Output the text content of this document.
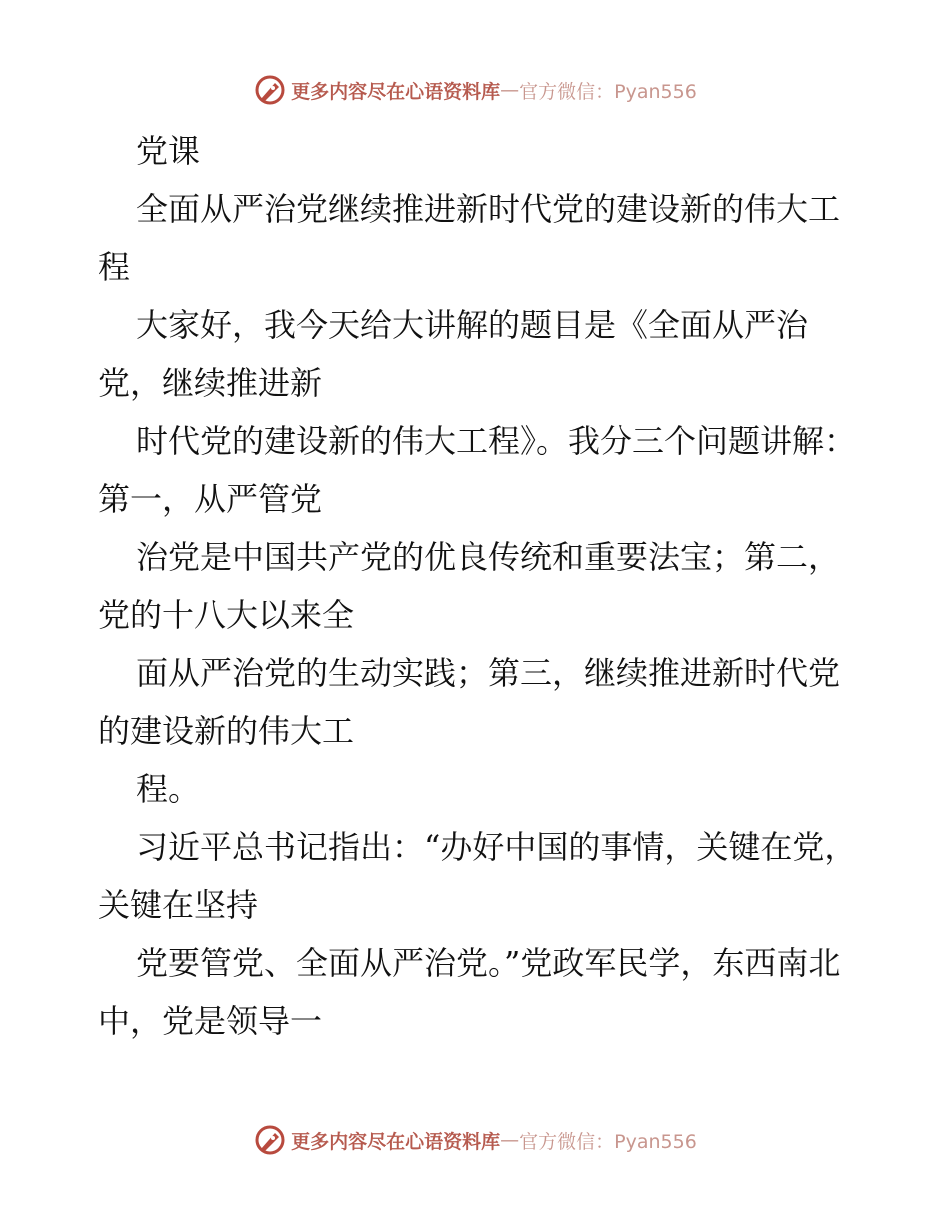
更多内容尽在心语资料库 — 官方微信：Pyan556

党课

全面从严治党继续推进新时代党的建设新的伟大工程

大家好，我今天给大讲解的题目是《全面从严治党，继续推进新

时代党的建设新的伟大工程》。我分三个问题讲解：第一，从严管党

治党是中国共产党的优良传统和重要法宝；第二，党的十八大以来全

面从严治党的生动实践；第三，继续推进新时代党的建设新的伟大工

程。

习近平总书记指出：“办好中国的事情，关键在党，关键在坚持

党要管党、全面从严治党。”党政军民学，东西南北中，党是领导一

更多内容尽在心语资料库 — 官方微信：Pyan556
